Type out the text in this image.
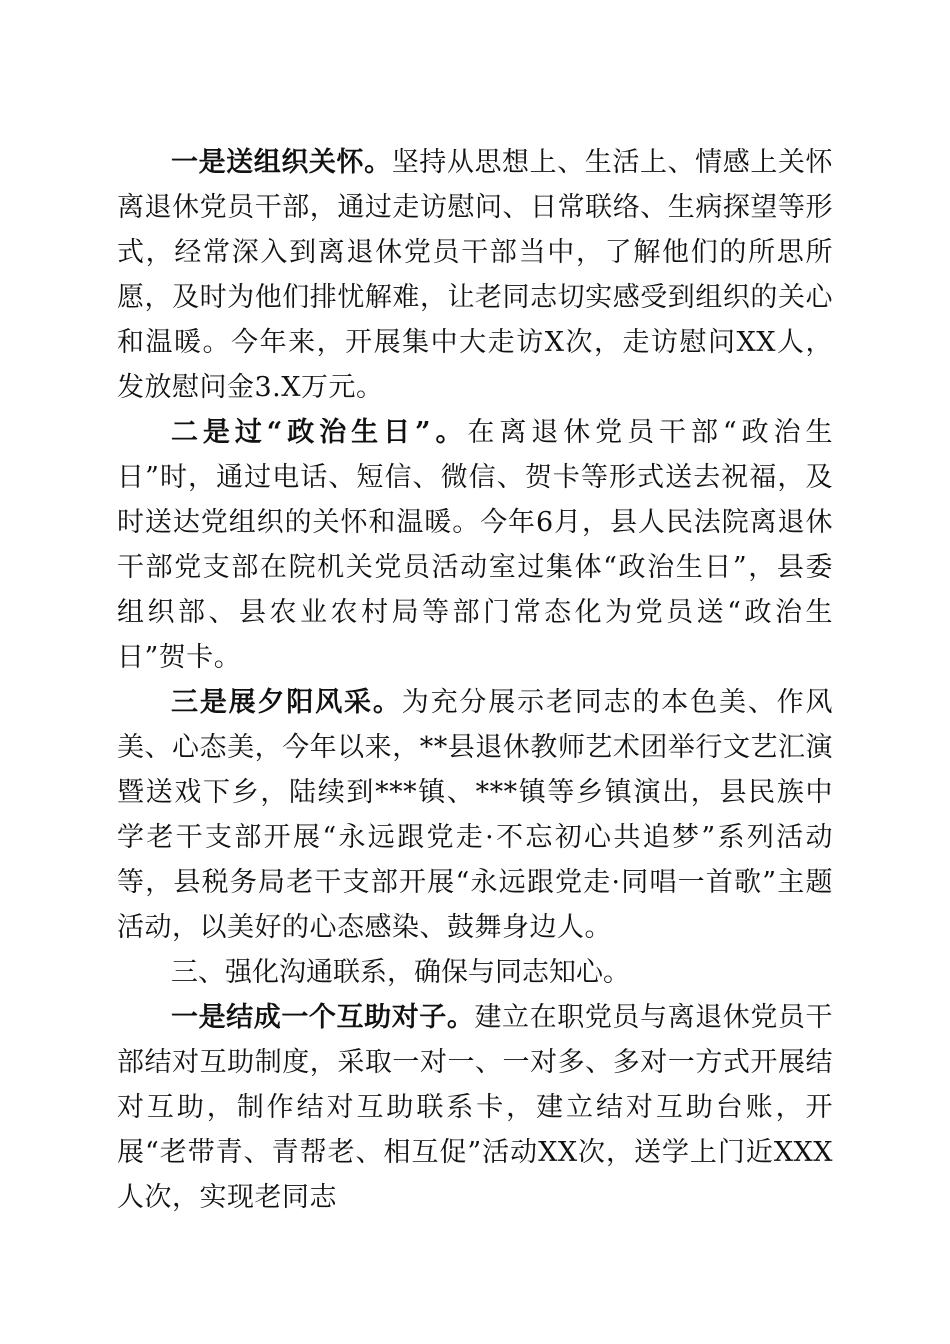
一是送组织关怀。坚持从思想上、生活上、情感上关怀离退休党员干部，通过走访慰问、日常联络、生病探望等形式，经常深入到离退休党员干部当中，了解他们的所思所愿，及时为他们排忧解难，让老同志切实感受到组织的关心和温暖。今年来，开展集中大走访X次，走访慰问XX人，发放慰问金3.X万元。

二是过“政治生日”。在离退休党员干部“政治生日”时，通过电话、短信、微信、贺卡等形式送去祝福，及时送达党组织的关怀和温暖。今年6月，县人民法院离退休干部党支部在院机关党员活动室过集体“政治生日”，县委组织部、县农业农村局等部门常态化为党员送“政治生日”贺卡。

三是展夕阳风采。为充分展示老同志的本色美、作风美、心态美，今年以来，**县退休教师艺术团举行文艺汇演暨送戏下乡，陆续到***镇、***镇等乡镇演出，县民族中学老干支部开展“永远跟党走·不忘初心共追梦”系列活动等，县税务局老干支部开展“永远跟党走·同唱一首歌”主题活动，以美好的心态感染、鼓舞身边人。

三、强化沟通联系，确保与同志知心。

一是结成一个互助对子。建立在职党员与离退休党员干部结对互助制度，采取一对一、一对多、多对一方式开展结对互助，制作结对互助联系卡，建立结对互助台账，开展“老带青、青帮老、相互促”活动XX次，送学上门近XXX人次，实现老同志
